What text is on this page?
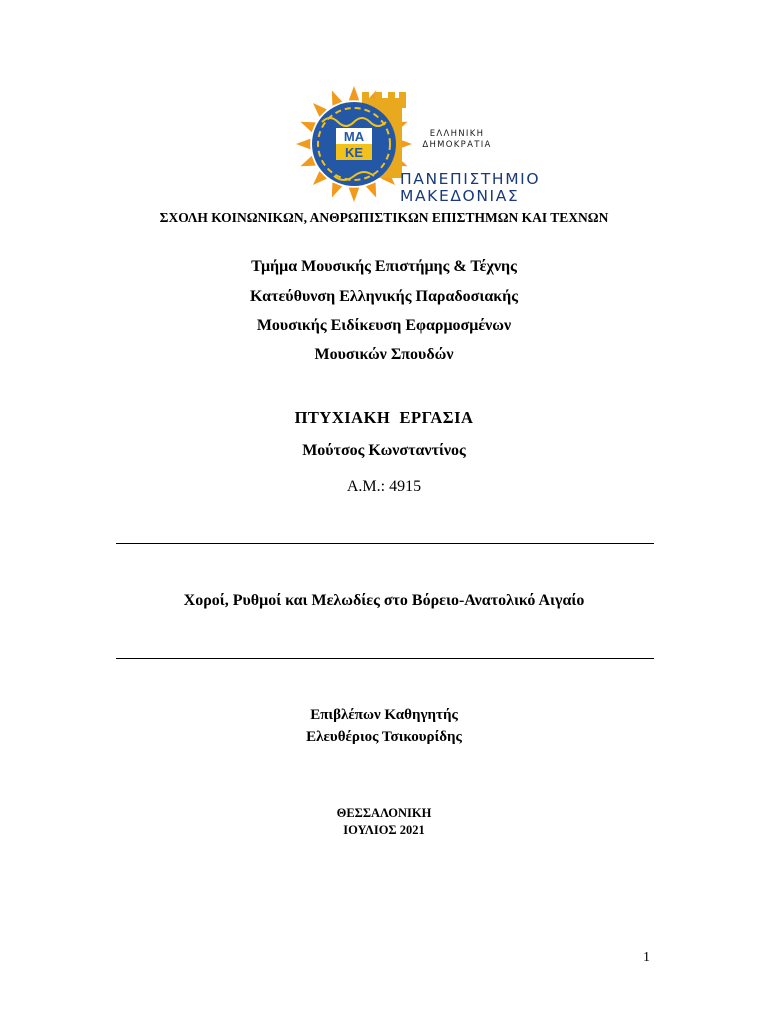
ΜΑ
ΚΕ
ΕΛΛΗΝΙΚΗ
ΔΗΜΟΚΡΑΤΙΑ
ΠΑΝΕΠΙΣΤΗΜΙΟ
ΜΑΚΕΔΟΝΙΑΣ
ΣΧΟΛΗ ΚΟΙΝΩΝΙΚΩΝ, ΑΝΘΡΩΠΙΣΤΙΚΩΝ ΕΠΙΣΤΗΜΩΝ ΚΑΙ ΤΕΧΝΩΝ
Τμήμα Μουσικής Επιστήμης & Τέχνης
Κατεύθυνση Ελληνικής Παραδοσιακής
Μουσικής Ειδίκευση Εφαρμοσμένων
Μουσικών Σπουδών
ΠΤΥΧΙΑΚΗ  ΕΡΓΑΣΙΑ
Μούτσος Κωνσταντίνος
Α.Μ.: 4915
Χοροί, Ρυθμοί και Μελωδίες στο Βόρειο-Ανατολικό Αιγαίο
Επιβλέπων Καθηγητής
Ελευθέριος Τσικουρίδης
ΘΕΣΣΑΛΟΝΙΚΗ
ΙΟΥΛΙΟΣ 2021
1
